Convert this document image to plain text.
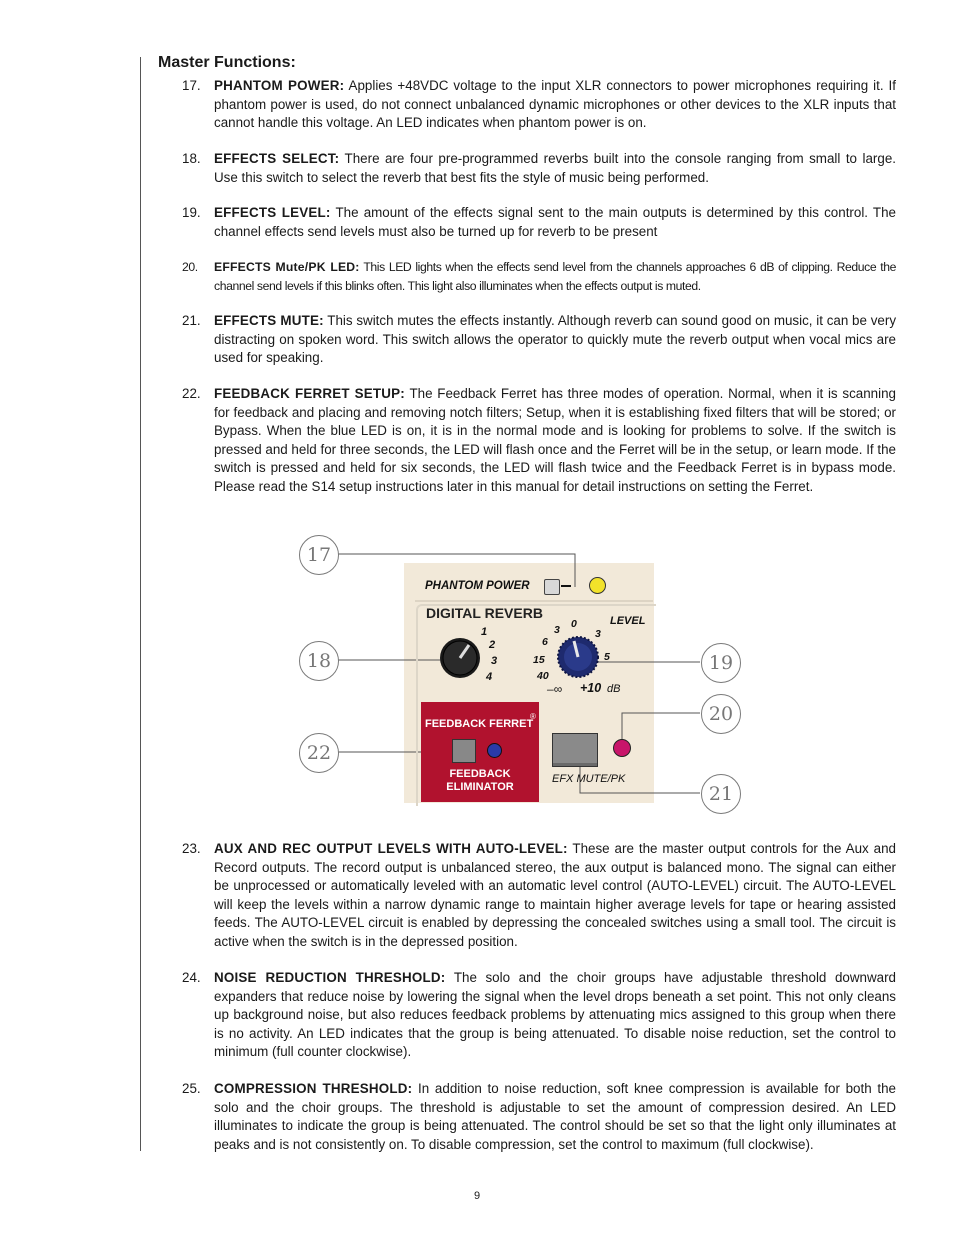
Master Functions:
17. PHANTOM POWER: Applies +48VDC voltage to the input XLR connectors to power microphones requiring it. If phantom power is used, do not connect unbalanced dynamic microphones or other devices to the XLR inputs that cannot handle this voltage. An LED indicates when phantom power is on.
18. EFFECTS SELECT: There are four pre-programmed reverbs built into the console ranging from small to large. Use this switch to select the reverb that best fits the style of music being performed.
19. EFFECTS LEVEL: The amount of the effects signal sent to the main outputs is determined by this control. The channel effects send levels must also be turned up for reverb to be present
20.	EFFECTS Mute/PK LED: This LED lights when the effects send level from the channels approaches 6 dB of clipping. Reduce the channel send levels if this blinks often. This light also illuminates when the effects output is muted.
21. EFFECTS MUTE: This switch mutes the effects instantly. Although reverb can sound good on music, it can be very distracting on spoken word. This switch allows the operator to quickly mute the reverb output when vocal mics are used for speaking.
22. FEEDBACK FERRET SETUP: The Feedback Ferret has three modes of operation. Normal, when it is scanning for feedback and placing and removing notch filters; Setup, when it is establishing fixed filters that will be stored; or Bypass. When the blue LED is on, it is in the normal mode and is looking for problems to solve. If the switch is pressed and held for three seconds, the LED will flash once and the Ferret will be in the setup, or learn mode. If the switch is pressed and held for six seconds, the LED will flash twice and the Feedback Ferret is in bypass mode. Please read the S14 setup instructions later in this manual for detail instructions on setting the Ferret.
17
18	19
20
21
22
PHANTOM POWER
DIGITAL REVERB	LEVEL
1
2
3
4
0
3	3
6
5
15
40
–∞ +10 dB
FEEDBACK FERRET
®
FEEDBACK
ELIMINATOR
EFX MUTE/PK
23. AUX AND REC OUTPUT LEVELS WITH AUTO-LEVEL: These are the master output controls for the Aux and Record outputs. The record output is unbalanced stereo, the aux output is balanced mono. The signal can either be unprocessed or automatically leveled with an automatic level control (AUTO-LEVEL) circuit. The AUTO-LEVEL will keep the levels within a narrow dynamic range to maintain higher average levels for tape or hearing assisted feeds. The AUTO-LEVEL circuit is enabled by depressing the concealed switches using a small tool. The circuit is active when the switch is in the depressed position.
24. NOISE REDUCTION THRESHOLD: The solo and the choir groups have adjustable threshold downward expanders that reduce noise by lowering the signal when the level drops beneath a set point. This not only cleans up background noise, but also reduces feedback problems by attenuating mics assigned to this group when there is no activity. An LED indicates that the group is being attenuated. To disable noise reduction, set the control to minimum (full counter clockwise).
25. COMPRESSION THRESHOLD: In addition to noise reduction, soft knee compression is available for both the solo and the choir groups. The threshold is adjustable to set the amount of compression desired. An LED illuminates to indicate the group is being attenuated. The control should be set so that the light only illuminates at peaks and is not consistently on. To disable compression, set the control to maximum (full clockwise).
9
